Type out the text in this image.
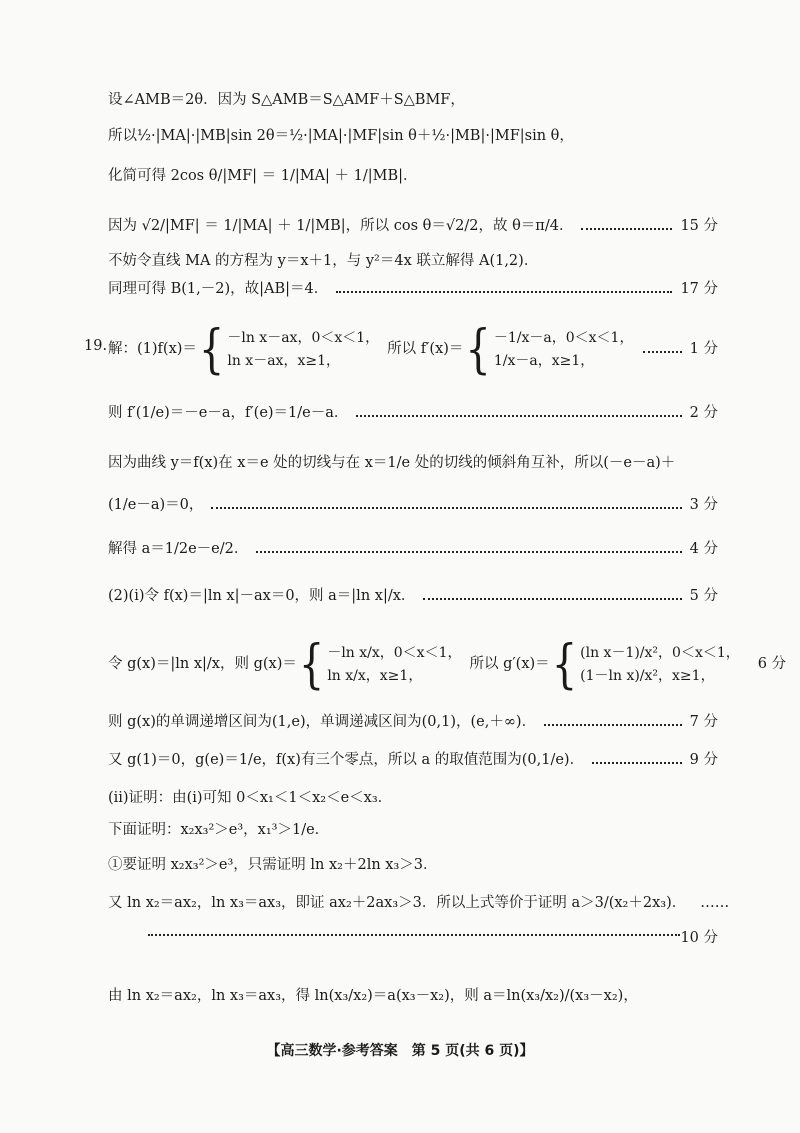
设∠AMB＝2θ．因为 S△AMB＝S△AMF＋S△BMF，
所以½·|MA|·|MB|sin 2θ＝½·|MA|·|MF|sin θ＋½·|MB|·|MF|sin θ，
化简可得 2cos θ/|MF| ＝ 1/|MA| ＋ 1/|MB|．
因为 √2/|MF| ＝ 1/|MA| ＋ 1/|MB|，所以 cos θ＝√2/2，故 θ＝π/4．	15 分
不妨令直线 MA 的方程为 y＝x＋1，与 y²＝4x 联立解得 A(1,2)．
同理可得 B(1,－2)，故|AB|＝4．	17 分
19. 解：(1)f(x)＝ { －ln x－ax，0＜x＜1，
ln x－ax，x≥1，
所以 f′(x)＝ { －1/x－a，0＜x＜1，
1/x－a，x≥1，
1 分
则 f′(1/e)＝－e－a，f′(e)＝1/e－a．	2 分
因为曲线 y＝f(x)在 x＝e 处的切线与在 x＝1/e 处的切线的倾斜角互补，所以(－e－a)＋
(1/e－a)＝0，	3 分
解得 a＝1/2e－e/2．	4 分
(2)(ⅰ)令 f(x)＝|ln x|－ax＝0，则 a＝|ln x|/x．	5 分
令 g(x)＝|ln x|/x，则 g(x)＝ { －ln x/x，0＜x＜1，
ln x/x，x≥1，
所以 g′(x)＝ { (ln x－1)/x²，0＜x＜1，
(1－ln x)/x²，x≥1，
6 分
则 g(x)的单调递增区间为(1,e)，单调递减区间为(0,1)，(e,＋∞)．	7 分
又 g(1)＝0，g(e)＝1/e，f(x)有三个零点，所以 a 的取值范围为(0,1/e)．	9 分
(ⅱ)证明：由(ⅰ)可知 0＜x₁＜1＜x₂＜e＜x₃．
下面证明：x₂x₃²＞e³，x₁³＞1/e．
①要证明 x₂x₃²＞e³，只需证明 ln x₂＋2ln x₃＞3．
又 ln x₂＝ax₂，ln x₃＝ax₃，即证 ax₂＋2ax₃＞3．所以上式等价于证明 a＞3/(x₂＋2x₃)． ……
10 分
由 ln x₂＝ax₂，ln x₃＝ax₃，得 ln(x₃/x₂)＝a(x₃－x₂)，则 a＝ln(x₃/x₂)/(x₃－x₂)，
【高三数学·参考答案　第 5 页(共 6 页)】
